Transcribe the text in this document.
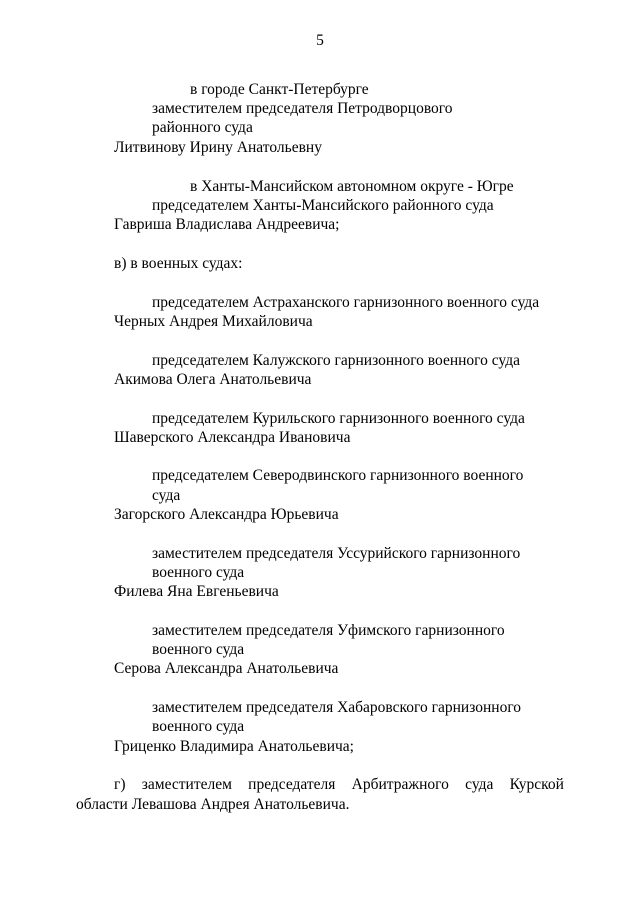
5
в городе Санкт-Петербурге
заместителем председателя Петродворцового
районного суда
Литвинову Ирину Анатольевну
в Ханты-Мансийском автономном округе - Югре
председателем Ханты-Мансийского районного суда
Гавриша Владислава Андреевича;
в) в военных судах:
председателем Астраханского гарнизонного военного суда
Черных Андрея Михайловича
председателем Калужского гарнизонного военного суда
Акимова Олега Анатольевича
председателем Курильского гарнизонного военного суда
Шаверского Александра Ивановича
председателем Северодвинского гарнизонного военного
суда
Загорского Александра Юрьевича
заместителем председателя Уссурийского гарнизонного
военного суда
Филева Яна Евгеньевича
заместителем председателя Уфимского гарнизонного
военного суда
Серова Александра Анатольевича
заместителем председателя Хабаровского гарнизонного
военного суда
Гриценко Владимира Анатольевича;
г) заместителем председателя Арбитражного суда Курской
области Левашова Андрея Анатольевича.
